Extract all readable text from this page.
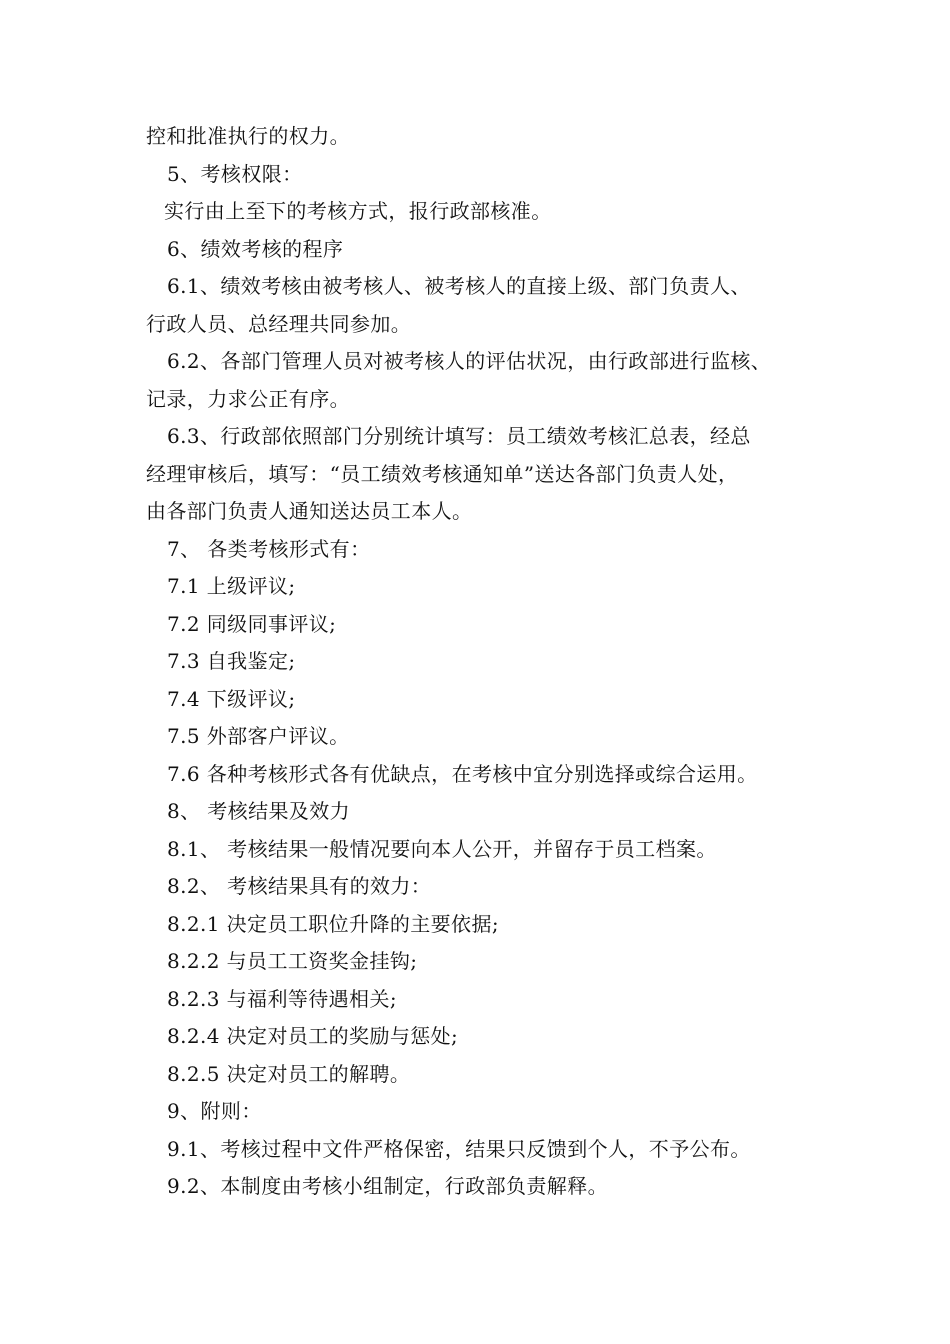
控和批准执行的权力。
5、考核权限：
实行由上至下的考核方式，报行政部核准。
6、绩效考核的程序
6.1、绩效考核由被考核人、被考核人的直接上级、部门负责人、
行政人员、总经理共同参加。
6.2、各部门管理人员对被考核人的评估状况，由行政部进行监核、
记录，力求公正有序。
6.3、行政部依照部门分别统计填写：员工绩效考核汇总表，经总
经理审核后，填写：“员工绩效考核通知单”送达各部门负责人处，
由各部门负责人通知送达员工本人。
7、 各类考核形式有：
7.1 上级评议;
7.2 同级同事评议;
7.3 自我鉴定;
7.4 下级评议;
7.5 外部客户评议。
7.6 各种考核形式各有优缺点，在考核中宜分别选择或综合运用。
8、 考核结果及效力
8.1、 考核结果一般情况要向本人公开，并留存于员工档案。
8.2、 考核结果具有的效力：
8.2.1 决定员工职位升降的主要依据;
8.2.2 与员工工资奖金挂钩;
8.2.3 与福利等待遇相关;
8.2.4 决定对员工的奖励与惩处;
8.2.5 决定对员工的解聘。
9、附则：
9.1、考核过程中文件严格保密，结果只反馈到个人，不予公布。
9.2、本制度由考核小组制定，行政部负责解释。
